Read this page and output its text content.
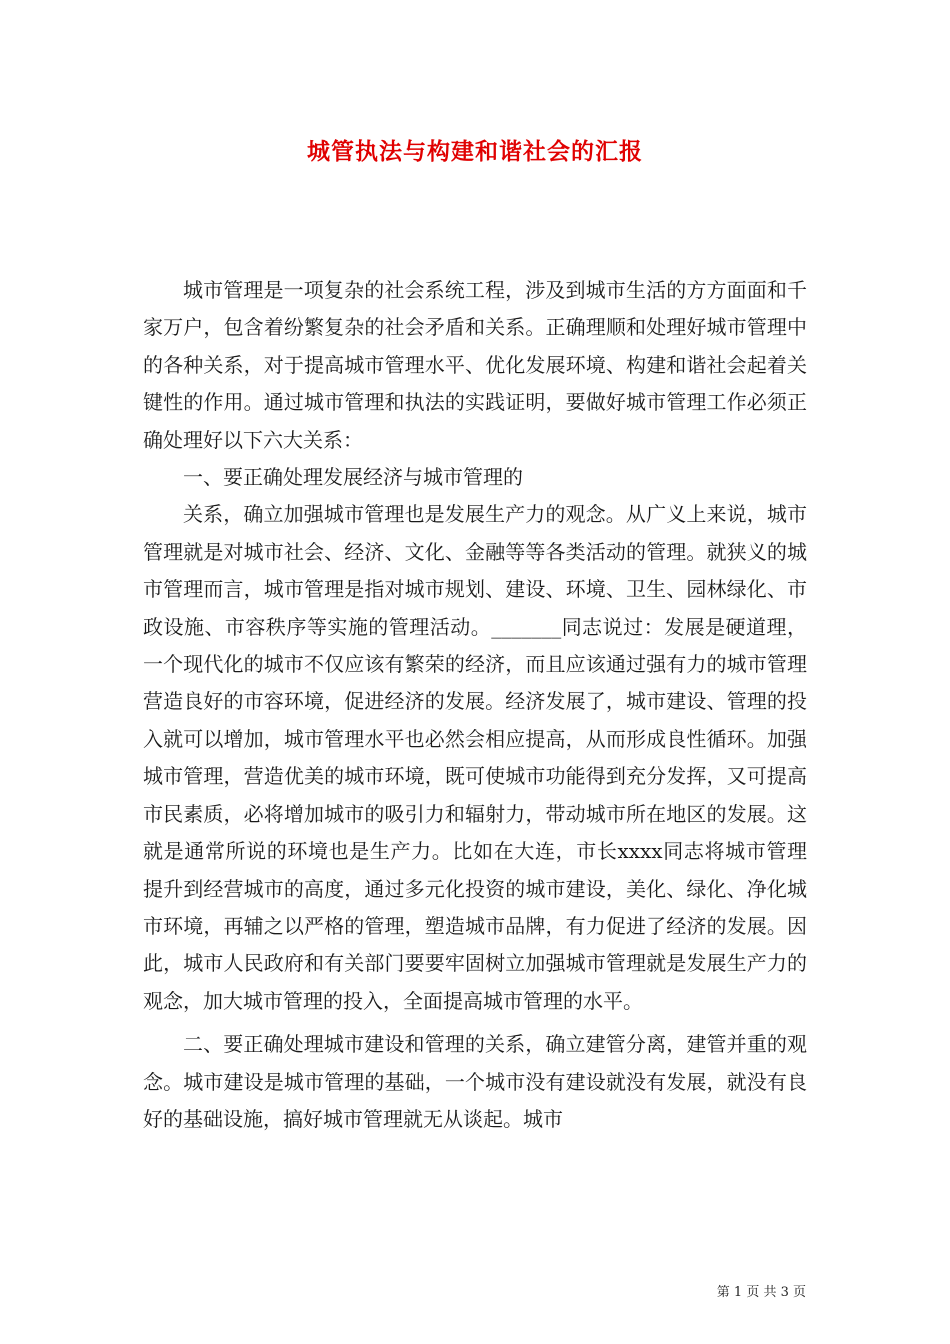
城管执法与构建和谐社会的汇报

城市管理是一项复杂的社会系统工程，涉及到城市生活的方方面面和千家万户，包含着纷繁复杂的社会矛盾和关系。正确理顺和处理好城市管理中的各种关系，对于提高城市管理水平、优化发展环境、构建和谐社会起着关键性的作用。通过城市管理和执法的实践证明，要做好城市管理工作必须正确处理好以下六大关系：

一、要正确处理发展经济与城市管理的

关系，确立加强城市管理也是发展生产力的观念。从广义上来说，城市管理就是对城市社会、经济、文化、金融等等各类活动的管理。就狭义的城市管理而言，城市管理是指对城市规划、建设、环境、卫生、园林绿化、市政设施、市容秩序等实施的管理活动。_______同志说过：发展是硬道理，一个现代化的城市不仅应该有繁荣的经济，而且应该通过强有力的城市管理营造良好的市容环境，促进经济的发展。经济发展了，城市建设、管理的投入就可以增加，城市管理水平也必然会相应提高，从而形成良性循环。加强城市管理，营造优美的城市环境，既可使城市功能得到充分发挥，又可提高市民素质，必将增加城市的吸引力和辐射力，带动城市所在地区的发展。这就是通常所说的环境也是生产力。比如在大连，市长xxxx同志将城市管理提升到经营城市的高度，通过多元化投资的城市建设，美化、绿化、净化城市环境，再辅之以严格的管理，塑造城市品牌，有力促进了经济的发展。因此，城市人民政府和有关部门要要牢固树立加强城市管理就是发展生产力的观念，加大城市管理的投入，全面提高城市管理的水平。

二、要正确处理城市建设和管理的关系，确立建管分离，建管并重的观念。城市建设是城市管理的基础，一个城市没有建设就没有发展，就没有良好的基础设施，搞好城市管理就无从谈起。城市

第 1 页 共 3 页
